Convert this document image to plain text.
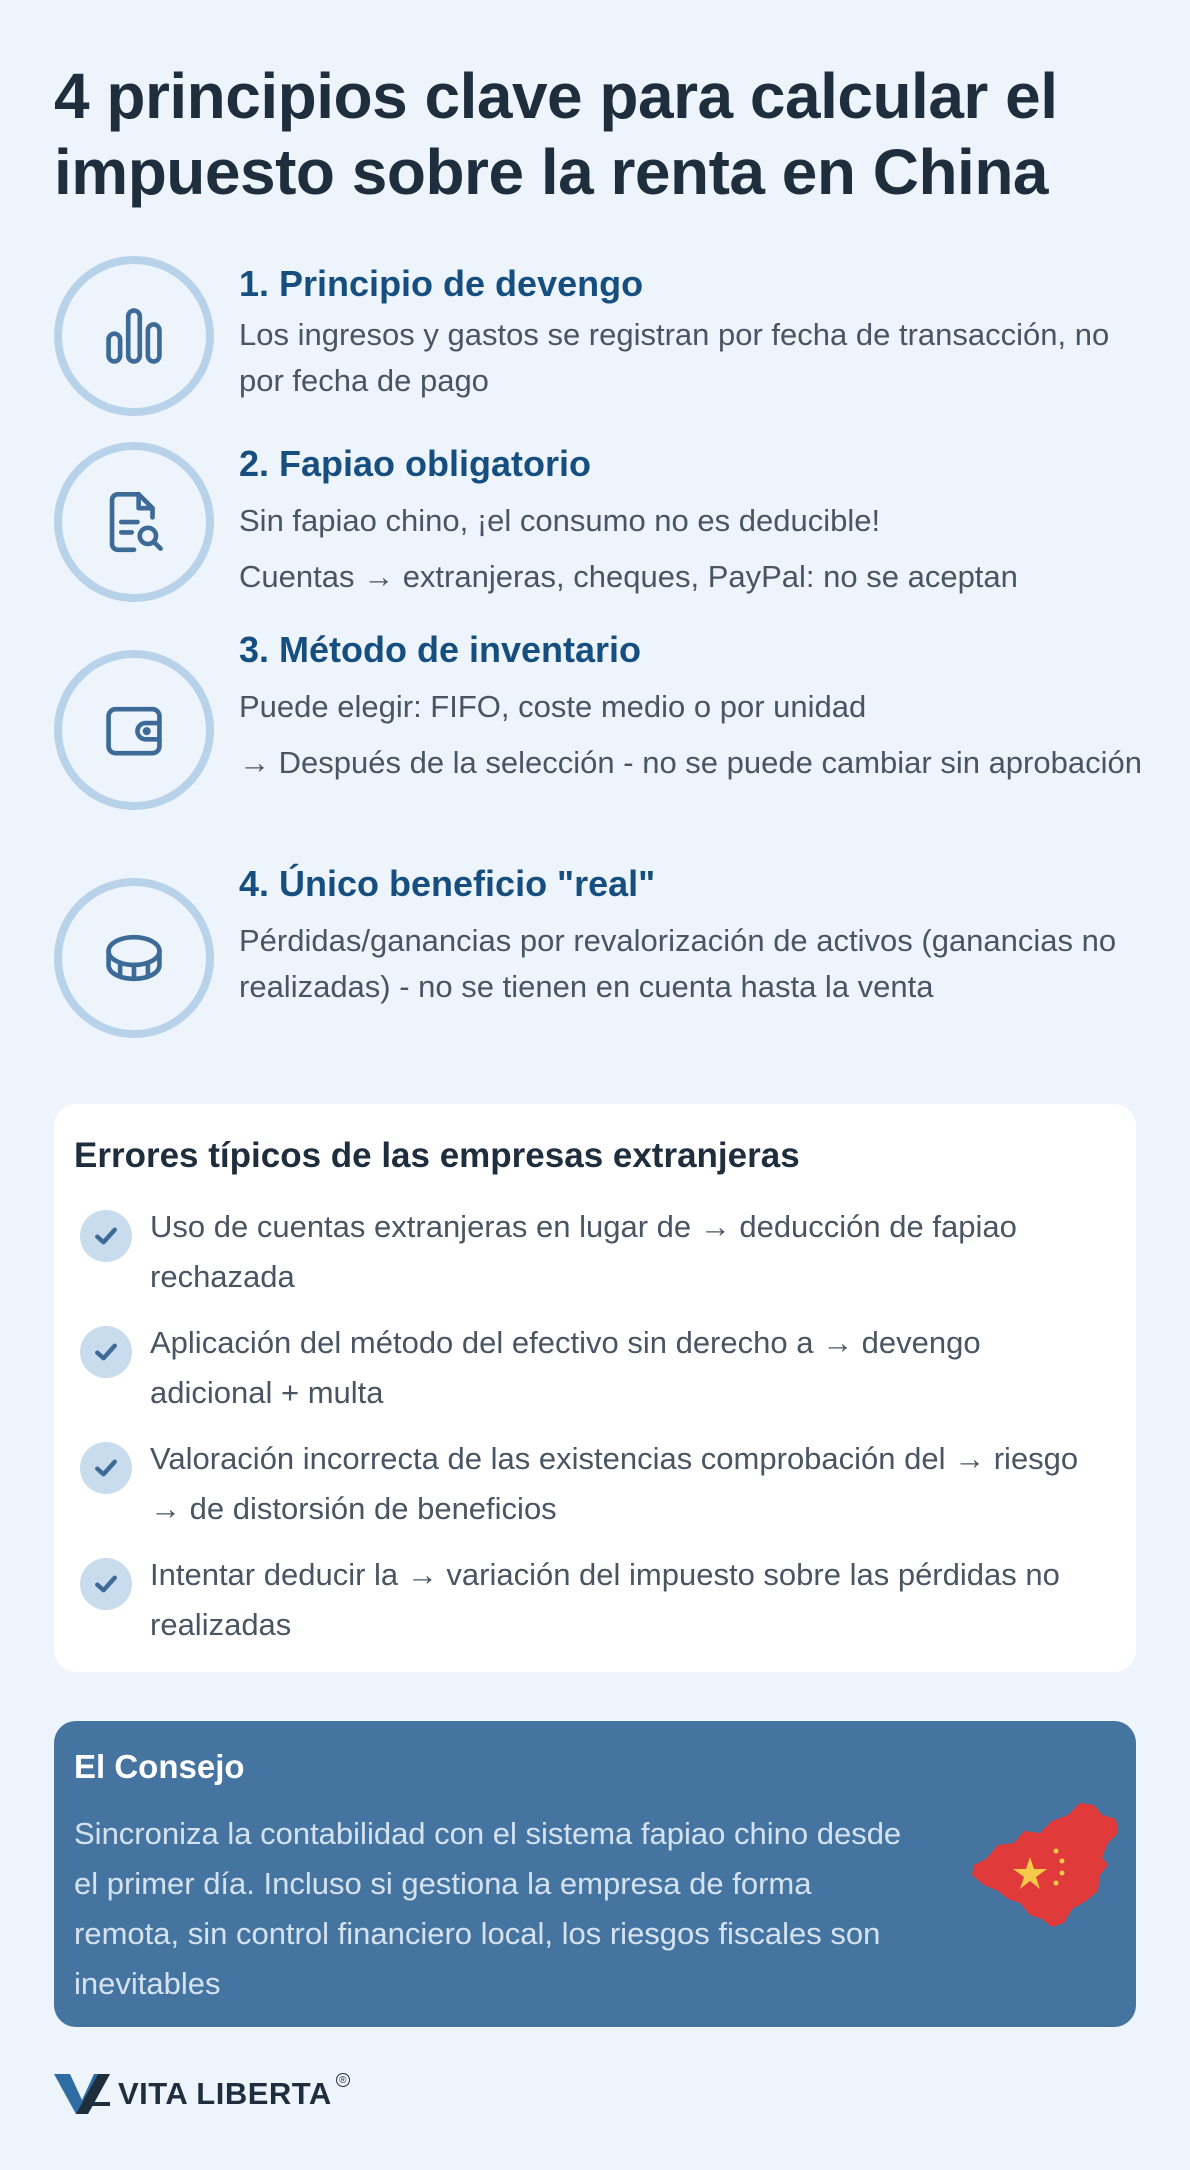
4 principios clave para calcular el impuesto sobre la renta en China
1. Principio de devengo
Los ingresos y gastos se registran por fecha de transacción, no por fecha de pago
2. Fapiao obligatorio
Sin fapiao chino, ¡el consumo no es deducible!
Cuentas → extranjeras, cheques, PayPal: no se aceptan
3. Método de inventario
Puede elegir: FIFO, coste medio o por unidad
→ Después de la selección - no se puede cambiar sin aprobación
4. Único beneficio "real"
Pérdidas/ganancias por revalorización de activos (ganancias no realizadas) - no se tienen en cuenta hasta la venta
Errores típicos de las empresas extranjeras
Uso de cuentas extranjeras en lugar de → deducción de fapiao rechazada
Aplicación del método del efectivo sin derecho a → devengo adicional + multa
Valoración incorrecta de las existencias comprobación del → riesgo → de distorsión de beneficios
Intentar deducir la → variación del impuesto sobre las pérdidas no realizadas
El Consejo
Sincroniza la contabilidad con el sistema fapiao chino desde el primer día. Incluso si gestiona la empresa de forma remota, sin control financiero local, los riesgos fiscales son inevitables
VITA LIBERTA ®
